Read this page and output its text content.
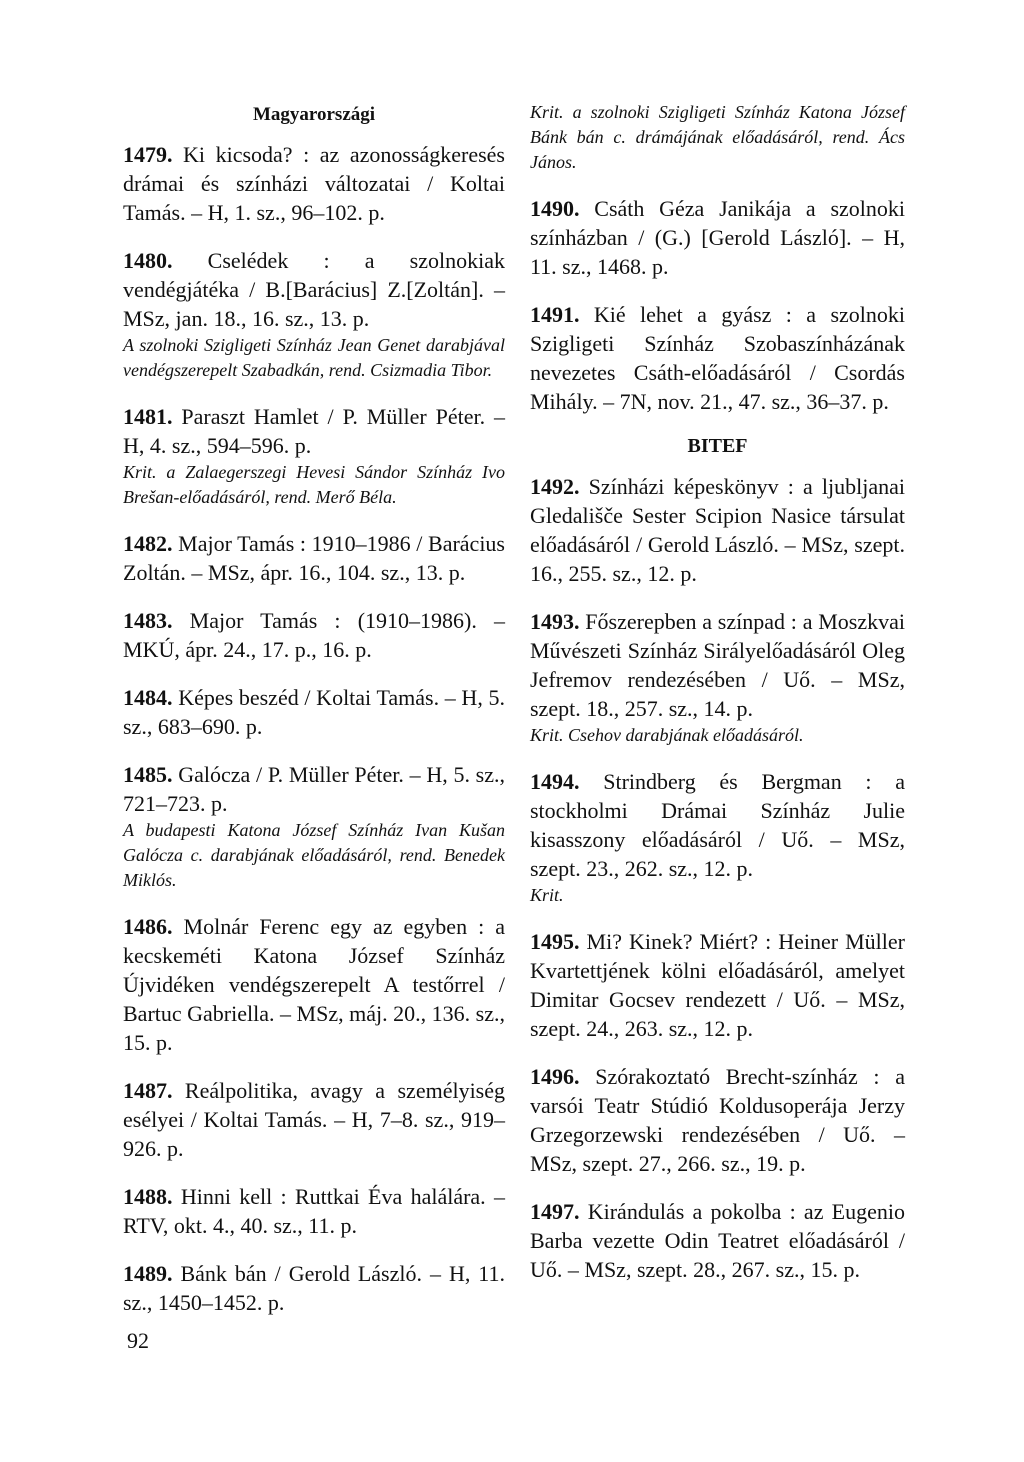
Magyarországi
1479. Ki kicsoda? : az azonosságkeresés drámai és színházi változatai / Koltai Tamás. – H, 1. sz., 96–102. p.
1480. Cselédek : a szolnokiak vendégjátéka / B.[Barácius] Z.[Zoltán]. – MSz, jan. 18., 16. sz., 13. p.
A szolnoki Szigligeti Színház Jean Genet darabjával vendégszerepelt Szabadkán, rend. Csizmadia Tibor.
1481. Paraszt Hamlet / P. Müller Péter. – H, 4. sz., 594–596. p.
Krit. a Zalaegerszegi Hevesi Sándor Színház Ivo Brešan-előadásáról, rend. Merő Béla.
1482. Major Tamás : 1910–1986 / Barácius Zoltán. – MSz, ápr. 16., 104. sz., 13. p.
1483. Major Tamás : (1910–1986). – MKÚ, ápr. 24., 17. p., 16. p.
1484. Képes beszéd / Koltai Tamás. – H, 5. sz., 683–690. p.
1485. Galócza / P. Müller Péter. – H, 5. sz., 721–723. p.
A budapesti Katona József Színház Ivan Kušan Galócza c. darabjának előadásáról, rend. Benedek Miklós.
1486. Molnár Ferenc egy az egyben : a kecskeméti Katona József Színház Újvidéken vendégszerepelt A testőrrel / Bartuc Gabriella. – MSz, máj. 20., 136. sz., 15. p.
1487. Reálpolitika, avagy a személyiség esélyei / Koltai Tamás. – H, 7–8. sz., 919–926. p.
1488. Hinni kell : Ruttkai Éva halálára. – RTV, okt. 4., 40. sz., 11. p.
1489. Bánk bán / Gerold László. – H, 11. sz., 1450–1452. p.
Krit. a szolnoki Szigligeti Színház Katona József Bánk bán c. drámájának előadásáról, rend. Ács János.
1490. Csáth Géza Janikája a szolnoki színházban / (G.) [Gerold László]. – H, 11. sz., 1468. p.
1491. Kié lehet a gyász : a szolnoki Szigligeti Színház Szobaszínházának nevezetes Csáth-előadásáról / Csordás Mihály. – 7N, nov. 21., 47. sz., 36–37. p.
BITEF
1492. Színházi képeskönyv : a ljubljanai Gledališče Sester Scipion Nasice társulat előadásáról / Gerold László. – MSz, szept. 16., 255. sz., 12. p.
1493. Főszerepben a színpad : a Moszkvai Művészeti Színház Sirályelőadásáról Oleg Jefremov rendezésében / Uő. – MSz, szept. 18., 257. sz., 14. p.
Krit. Csehov darabjának előadásáról.
1494. Strindberg és Bergman : a stockholmi Drámai Színház Julie kisasszony előadásáról / Uő. – MSz, szept. 23., 262. sz., 12. p.
Krit.
1495. Mi? Kinek? Miért? : Heiner Müller Kvartettjének kölni előadásáról, amelyet Dimitar Gocsev rendezett / Uő. – MSz, szept. 24., 263. sz., 12. p.
1496. Szórakoztató Brecht-színház : a varsói Teatr Stúdió Koldusoperája Jerzy Grzegorzewski rendezésében / Uő. – MSz, szept. 27., 266. sz., 19. p.
1497. Kirándulás a pokolba : az Eugenio Barba vezette Odin Teatret előadásáról / Uő. – MSz, szept. 28., 267. sz., 15. p.
92
